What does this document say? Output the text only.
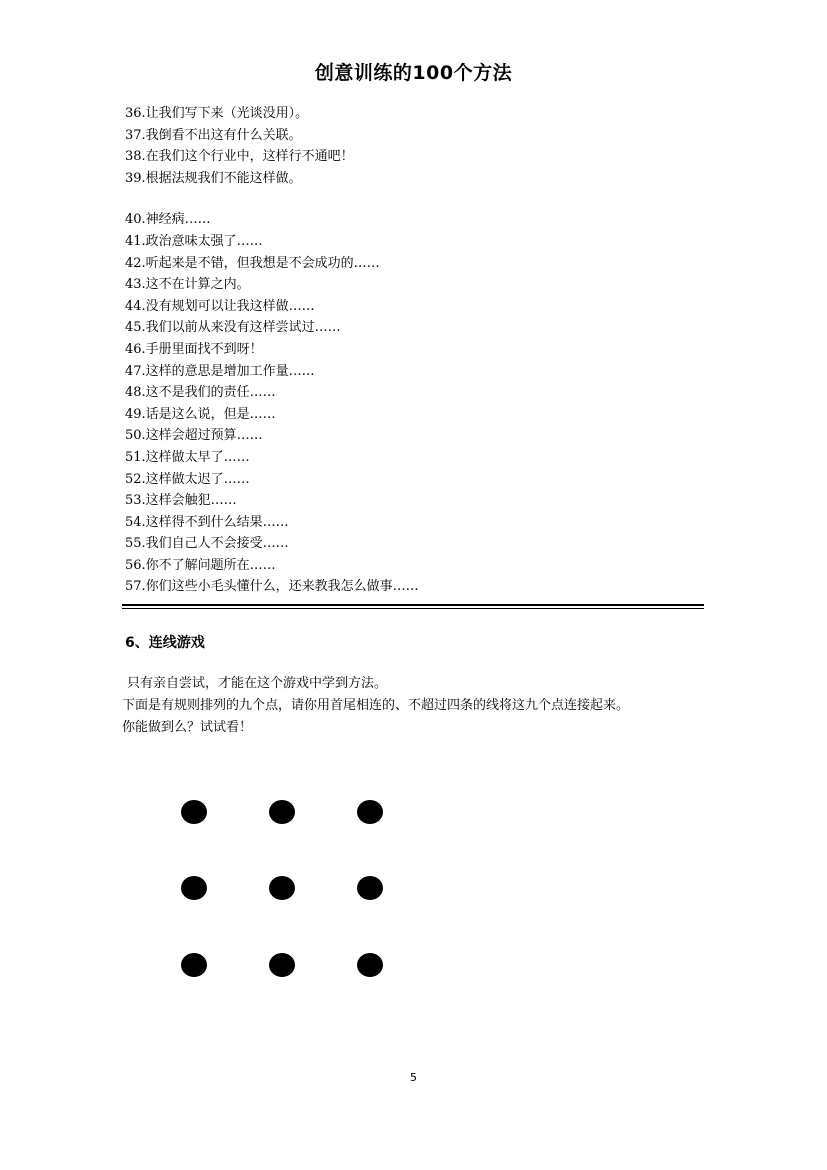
创意训练的100个方法
36.让我们写下来（光谈没用）。
37.我倒看不出这有什么关联。
38.在我们这个行业中，这样行不通吧！
39.根据法规我们不能这样做。
40.神经病……
41.政治意味太强了……
42.听起来是不错，但我想是不会成功的……
43.这不在计算之内。
44.没有规划可以让我这样做……
45.我们以前从来没有这样尝试过……
46.手册里面找不到呀！
47.这样的意思是增加工作量……
48.这不是我们的责任……
49.话是这么说，但是……
50.这样会超过预算……
51.这样做太早了……
52.这样做太迟了……
53.这样会触犯……
54.这样得不到什么结果……
55.我们自己人不会接受……
56.你不了解问题所在……
57.你们这些小毛头懂什么，还来教我怎么做事……
6、连线游戏
只有亲自尝试，才能在这个游戏中学到方法。
下面是有规则排列的九个点，请你用首尾相连的、不超过四条的线将这九个点连接起来。
你能做到么？试试看！
5
